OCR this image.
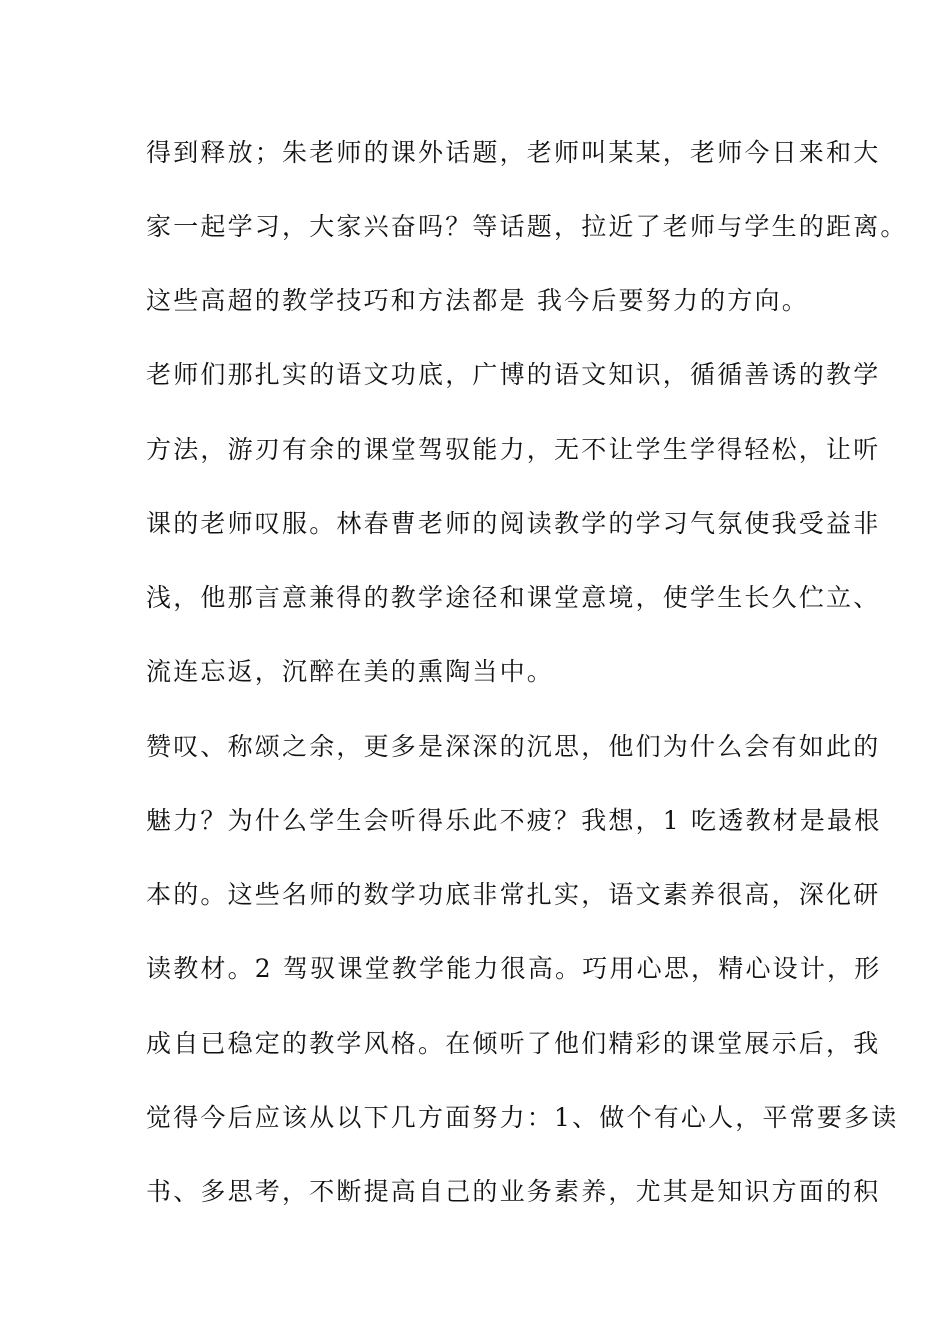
得到释放；朱老师的课外话题，老师叫某某，老师今日来和大
家一起学习，大家兴奋吗？等话题，拉近了老师与学生的距离。
这些高超的教学技巧和方法都是 我今后要努力的方向。
老师们那扎实的语文功底，广博的语文知识，循循善诱的教学
方法，游刃有余的课堂驾驭能力，无不让学生学得轻松，让听
课的老师叹服。林春曹老师的阅读教学的学习气氛使我受益非
浅，他那言意兼得的教学途径和课堂意境，使学生长久伫立、
流连忘返，沉醉在美的熏陶当中。
赞叹、称颂之余，更多是深深的沉思，他们为什么会有如此的
魅力？为什么学生会听得乐此不疲？我想，1 吃透教材是最根
本的。这些名师的数学功底非常扎实，语文素养很高，深化研
读教材。2 驾驭课堂教学能力很高。巧用心思，精心设计，形
成自已稳定的教学风格。在倾听了他们精彩的课堂展示后，我
觉得今后应该从以下几方面努力：1、做个有心人，平常要多读
书、多思考，不断提高自己的业务素养，尤其是知识方面的积
